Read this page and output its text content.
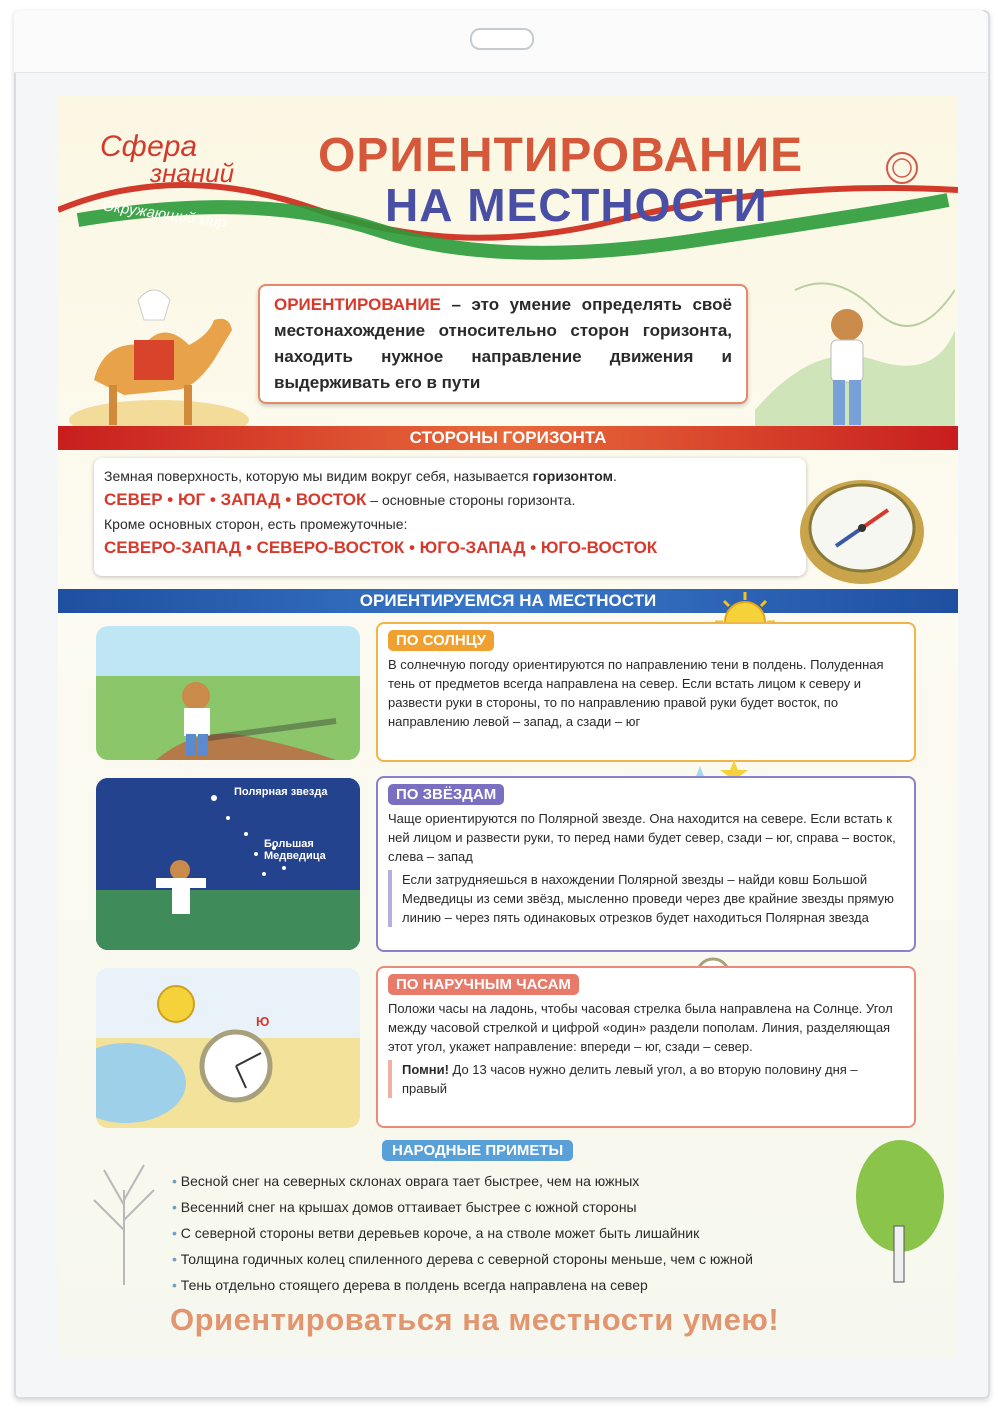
Сфера
знаний
Окружающий мир
ОРИЕНТИРОВАНИЕ
НА МЕСТНОСТИ
ОРИЕНТИРОВАНИЕ – это умение определять своё местонахождение относительно сторон горизонта, находить нужное направление движения и выдерживать его в пути
СТОРОНЫ ГОРИЗОНТА
Земная поверхность, которую мы видим вокруг себя, называется горизонтом.
СЕВЕР • ЮГ • ЗАПАД • ВОСТОК – основные стороны горизонта.
Кроме основных сторон, есть промежуточные:
СЕВЕРО-ЗАПАД • СЕВЕРО-ВОСТОК • ЮГО-ЗАПАД • ЮГО-ВОСТОК
ОРИЕНТИРУЕМСЯ НА МЕСТНОСТИ
ПО СОЛНЦУ
В солнечную погоду ориентируются по направлению тени в полдень. Полуденная тень от предметов всегда направлена на север. Если встать лицом к северу и развести руки в стороны, то по направлению правой руки будет восток, по направлению левой – запад, а сзади – юг
Полярная звезда
Большая Медведица
ПО ЗВЁЗДАМ
Чаще ориентируются по Полярной звезде. Она находится на севере. Если встать к ней лицом и развести руки, то перед нами будет север, сзади – юг, справа – восток, слева – запад
Если затрудняешься в нахождении Полярной звезды – найди ковш Большой Медведицы из семи звёзд, мысленно проведи через две крайние звезды прямую линию – через пять одинаковых отрезков будет находиться Полярная звезда
Ю
ПО НАРУЧНЫМ ЧАСАМ
Положи часы на ладонь, чтобы часовая стрелка была направлена на Солнце. Угол между часовой стрелкой и цифрой «один» раздели пополам. Линия, разделяющая этот угол, укажет направление: впереди – юг, сзади – север.
Помни! До 13 часов нужно делить левый угол, а во вторую половину дня – правый
НАРОДНЫЕ ПРИМЕТЫ
• Весной снег на северных склонах оврага тает быстрее, чем на южных
• Весенний снег на крышах домов оттаивает быстрее с южной стороны
• С северной стороны ветви деревьев короче, а на стволе может быть лишайник
• Толщина годичных колец спиленного дерева с северной стороны меньше, чем с южной
• Тень отдельно стоящего дерева в полдень всегда направлена на север
Ориентироваться на местности умею!
